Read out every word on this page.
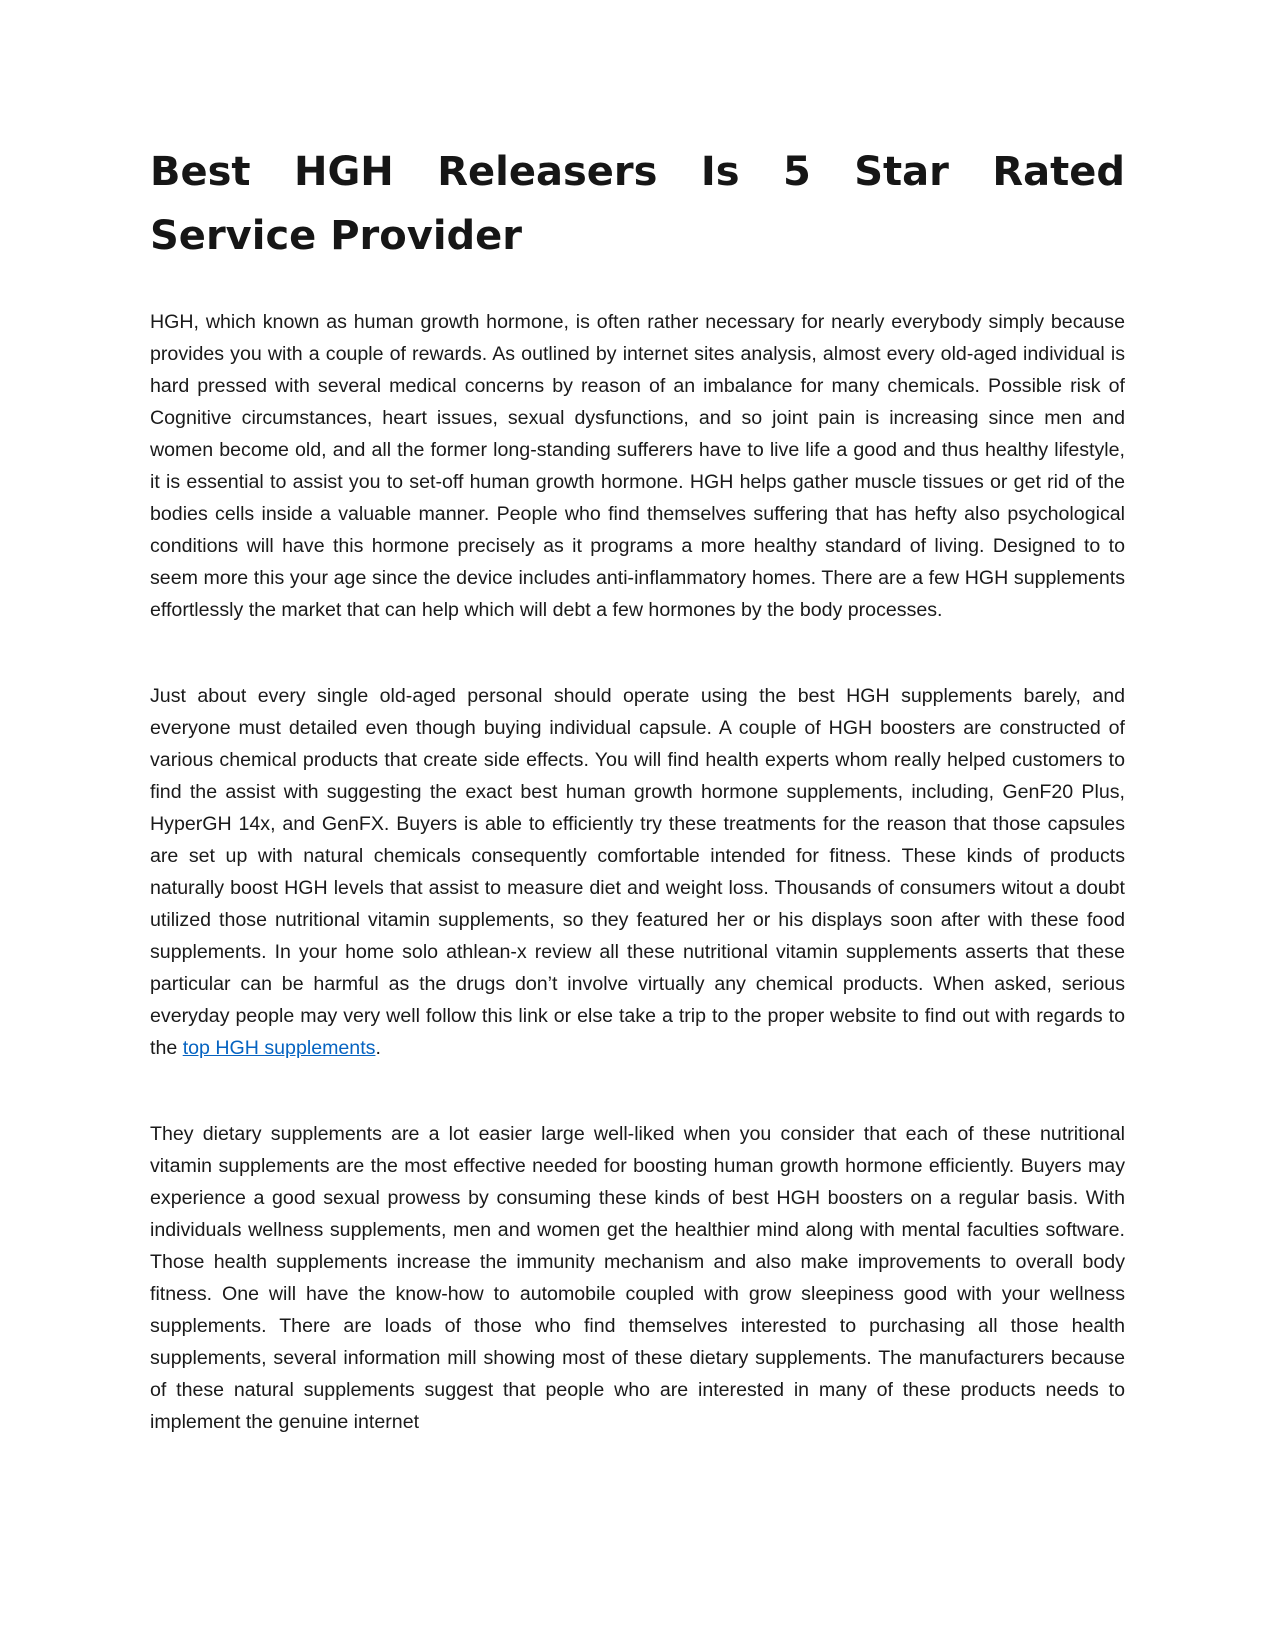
Best HGH Releasers Is 5 Star Rated Service Provider

HGH, which known as human growth hormone, is often rather necessary for nearly everybody simply because provides you with a couple of rewards. As outlined by internet sites analysis, almost every old-aged individual is hard pressed with several medical concerns by reason of an imbalance for many chemicals. Possible risk of Cognitive circumstances, heart issues, sexual dysfunctions, and so joint pain is increasing since men and women become old, and all the former long-standing sufferers have to live life a good and thus healthy lifestyle, it is essential to assist you to set-off human growth hormone. HGH helps gather muscle tissues or get rid of the bodies cells inside a valuable manner. People who find themselves suffering that has hefty also psychological conditions will have this hormone precisely as it programs a more healthy standard of living. Designed to to seem more this your age since the device includes anti-inflammatory homes. There are a few HGH supplements effortlessly the market that can help which will debt a few hormones by the body processes.

Just about every single old-aged personal should operate using the best HGH supplements barely, and everyone must detailed even though buying individual capsule. A couple of HGH boosters are constructed of various chemical products that create side effects. You will find health experts whom really helped customers to find the assist with suggesting the exact best human growth hormone supplements, including, GenF20 Plus, HyperGH 14x, and GenFX. Buyers is able to efficiently try these treatments for the reason that those capsules are set up with natural chemicals consequently comfortable intended for fitness. These kinds of products naturally boost HGH levels that assist to measure diet and weight loss. Thousands of consumers witout a doubt utilized those nutritional vitamin supplements, so they featured her or his displays soon after with these food supplements. In your home solo athlean-x review all these nutritional vitamin supplements asserts that these particular can be harmful as the drugs don’t involve virtually any chemical products. When asked, serious everyday people may very well follow this link or else take a trip to the proper website to find out with regards to the top HGH supplements.

They dietary supplements are a lot easier large well-liked when you consider that each of these nutritional vitamin supplements are the most effective needed for boosting human growth hormone efficiently. Buyers may experience a good sexual prowess by consuming these kinds of best HGH boosters on a regular basis. With individuals wellness supplements, men and women get the healthier mind along with mental faculties software. Those health supplements increase the immunity mechanism and also make improvements to overall body fitness. One will have the know-how to automobile coupled with grow sleepiness good with your wellness supplements. There are loads of those who find themselves interested to purchasing all those health supplements, several information mill showing most of these dietary supplements. The manufacturers because of these natural supplements suggest that people who are interested in many of these products needs to implement the genuine internet
